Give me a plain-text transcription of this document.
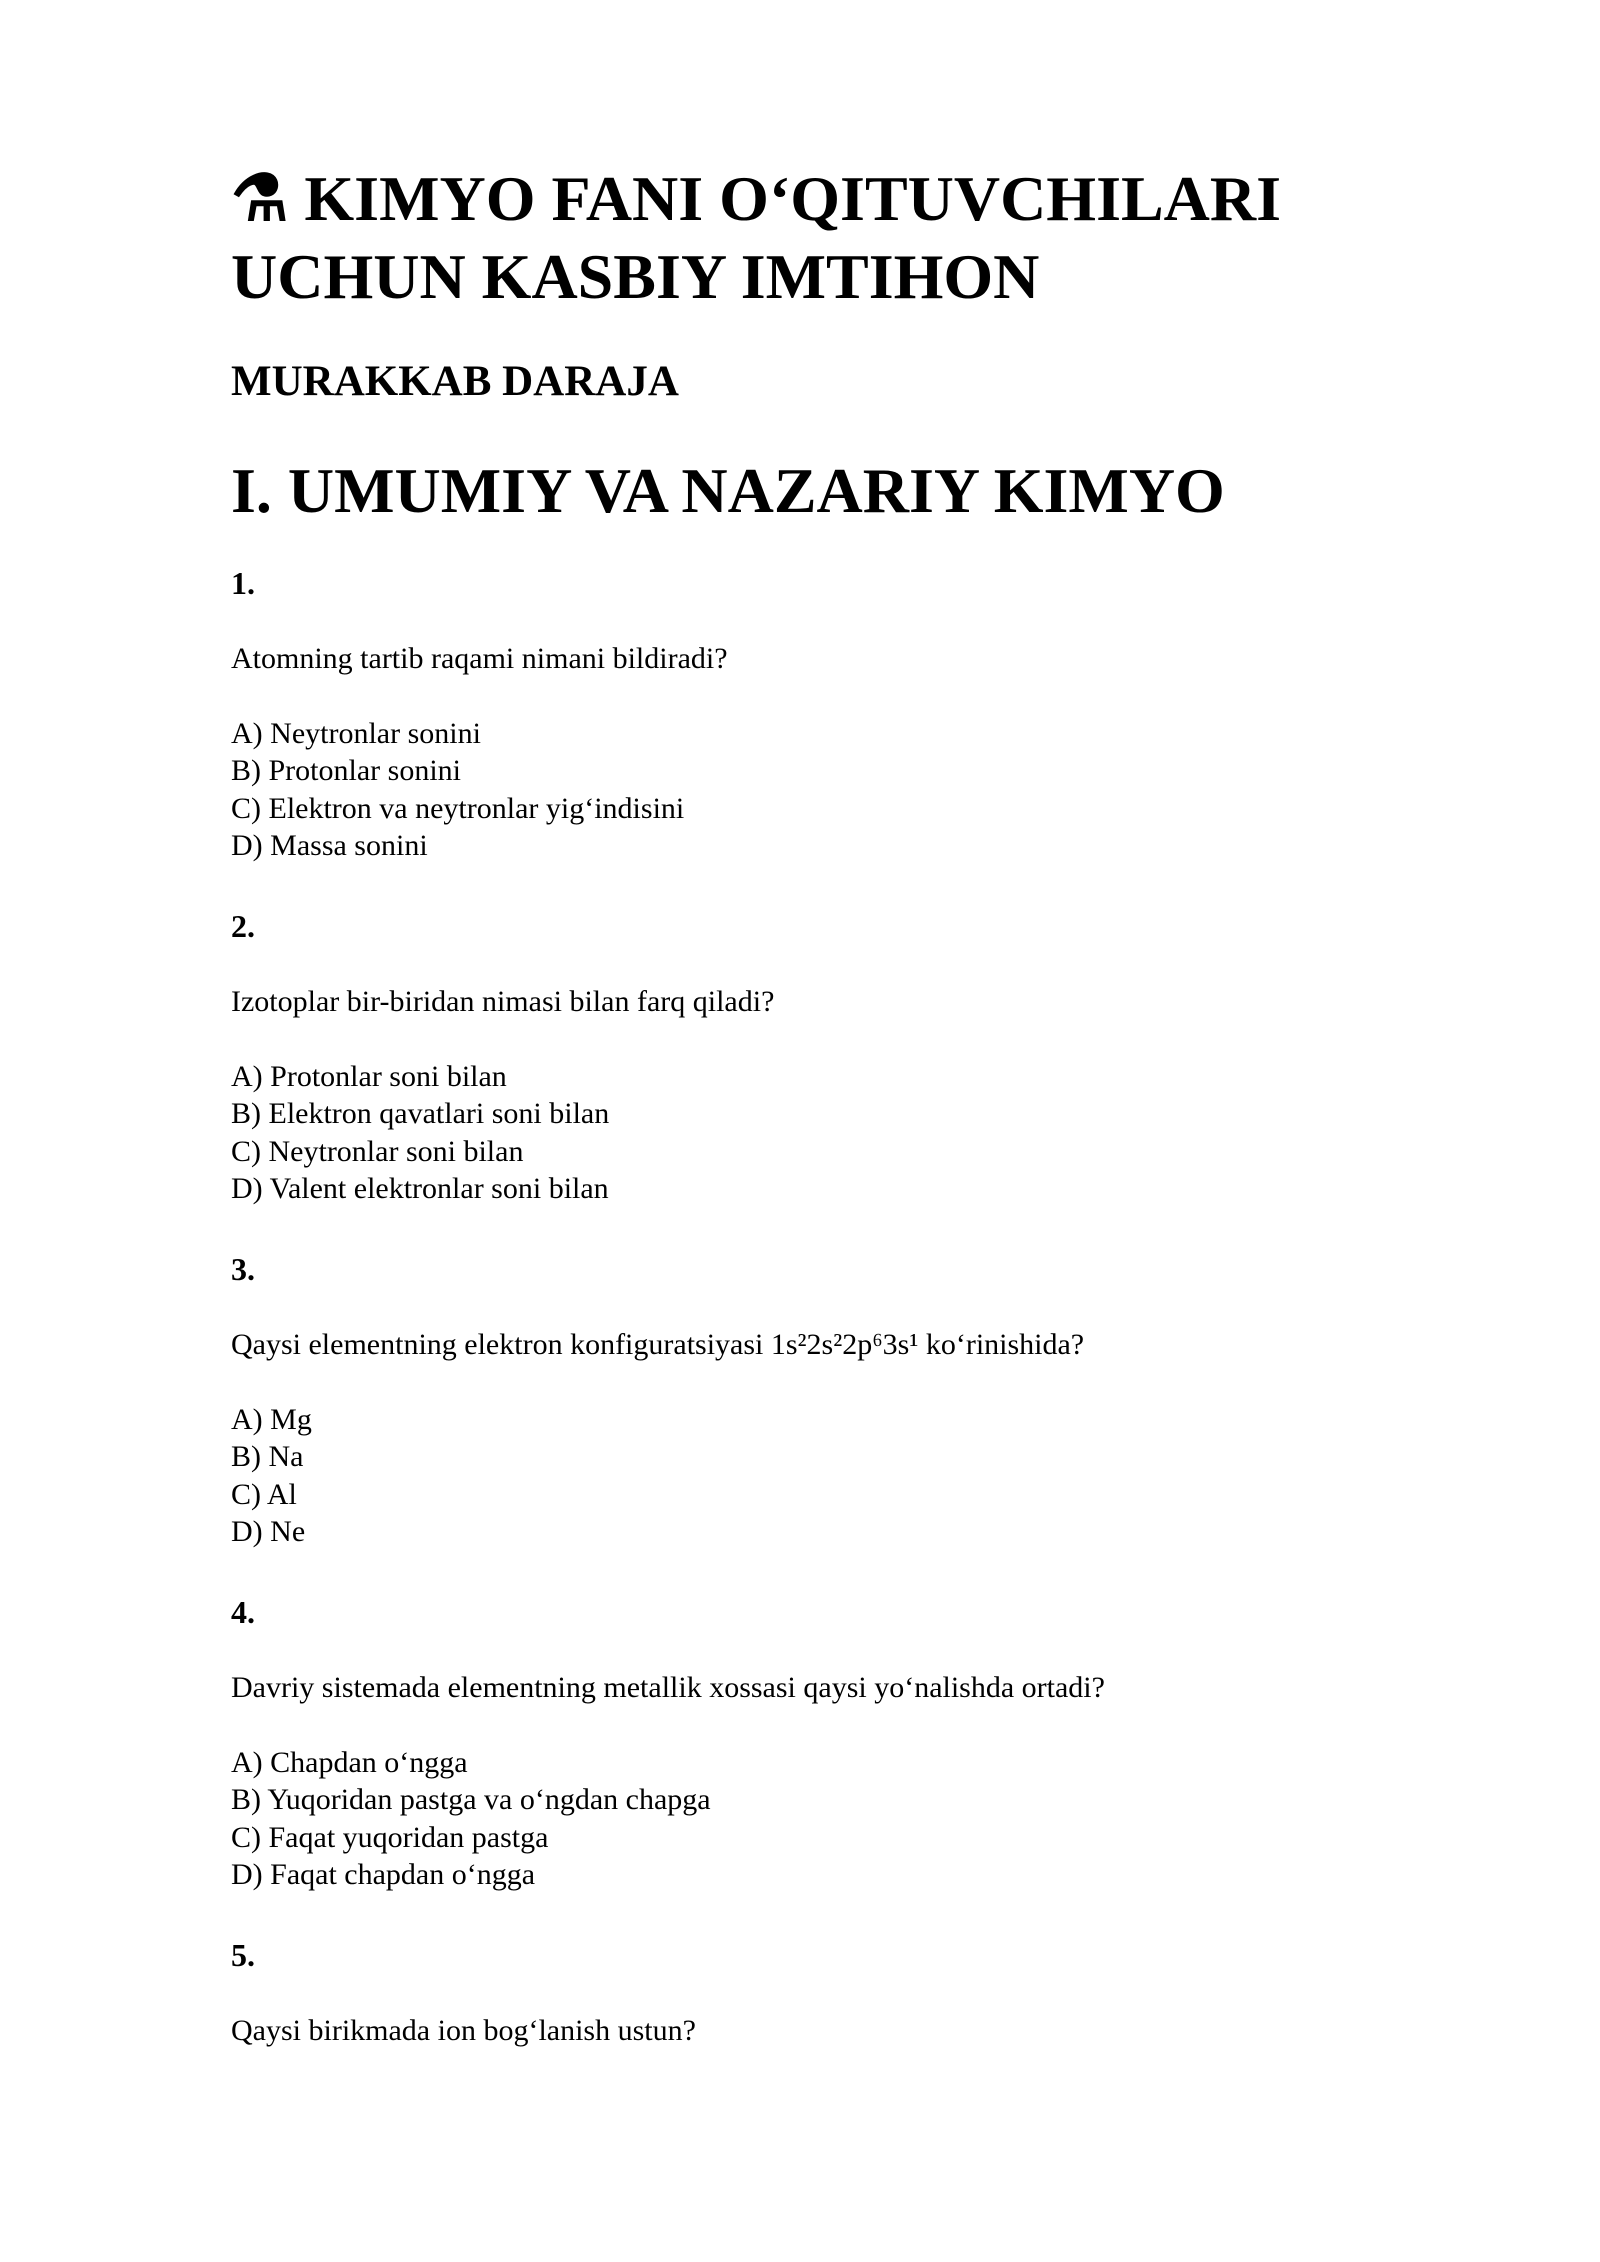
⚗ KIMYO FANI O‘QITUVCHILARI UCHUN KASBIY IMTIHON
MURAKKAB DARAJA
I. UMUMIY VA NAZARIY KIMYO
1.
Atomning tartib raqami nimani bildiradi?
A) Neytronlar sonini
B) Protonlar sonini
C) Elektron va neytronlar yig‘indisini
D) Massa sonini
2.
Izotoplar bir-biridan nimasi bilan farq qiladi?
A) Protonlar soni bilan
B) Elektron qavatlari soni bilan
C) Neytronlar soni bilan
D) Valent elektronlar soni bilan
3.
Qaysi elementning elektron konfiguratsiyasi 1s²2s²2p⁶3s¹ ko‘rinishida?
A) Mg
B) Na
C) Al
D) Ne
4.
Davriy sistemada elementning metallik xossasi qaysi yo‘nalishda ortadi?
A) Chapdan o‘ngga
B) Yuqoridan pastga va o‘ngdan chapga
C) Faqat yuqoridan pastga
D) Faqat chapdan o‘ngga
5.
Qaysi birikmada ion bog‘lanish ustun?
